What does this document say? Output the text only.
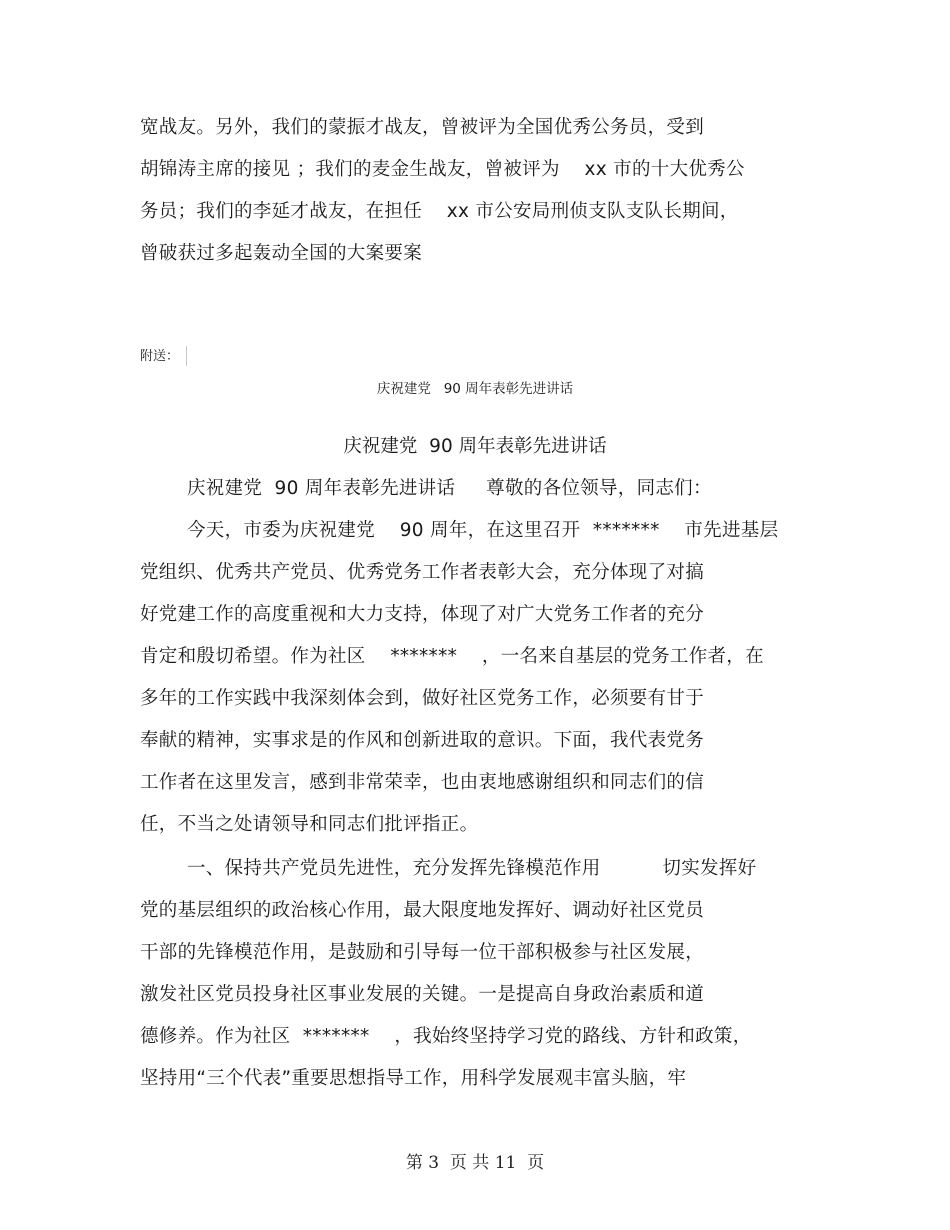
宽战友。另外，我们的蒙振才战友，曾被评为全国优秀公务员，受到
胡锦涛主席的接见 ；我们的麦金生战友，曾被评为    xx 市的十大优秀公
务员；我们的李延才战友，在担任    xx 市公安局刑侦支队支队长期间，
曾破获过多起轰动全国的大案要案
附送：
庆祝建党   90 周年表彰先进讲话
庆祝建党  90 周年表彰先进讲话
庆祝建党  90 周年表彰先进讲话     尊敬的各位领导，同志们：
今天，市委为庆祝建党    90 周年，在这里召开  *******    市先进基层
党组织、优秀共产党员、优秀党务工作者表彰大会，充分体现了对搞
好党建工作的高度重视和大力支持，体现了对广大党务工作者的充分
肯定和殷切希望。作为社区    *******    ，一名来自基层的党务工作者，在
多年的工作实践中我深刻体会到，做好社区党务工作，必须要有甘于
奉献的精神，实事求是的作风和创新进取的意识。下面，我代表党务
工作者在这里发言，感到非常荣幸，也由衷地感谢组织和同志们的信
任，不当之处请领导和同志们批评指正。
一、保持共产党员先进性，充分发挥先锋模范作用          切实发挥好
党的基层组织的政治核心作用，最大限度地发挥好、调动好社区党员
干部的先锋模范作用，是鼓励和引导每一位干部积极参与社区发展，
激发社区党员投身社区事业发展的关键。一是提高自身政治素质和道
德修养。作为社区  *******    ，我始终坚持学习党的路线、方针和政策，
坚持用“三个代表”重要思想指导工作，用科学发展观丰富头脑，牢
第 3  页 共 11  页
